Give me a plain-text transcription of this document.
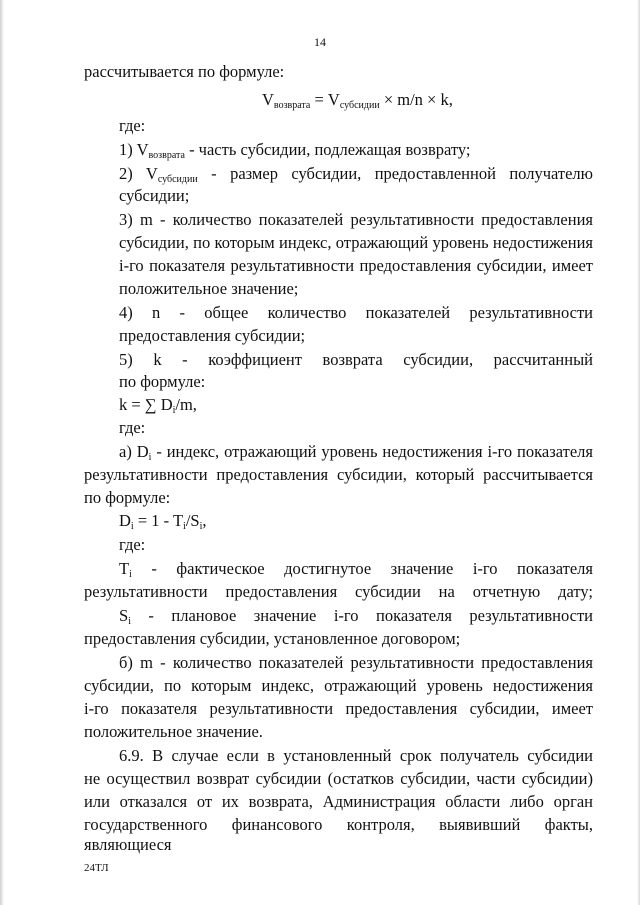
14
рассчитывается по формуле:
$V_{возврата} = V_{субсидии} \times m/n \times k$,
где:
1) $V_{возврата}$ - часть субсидии, подлежащая возврату;
2) $V_{субсидии}$ - размер субсидии, предоставленной получателю
субсидии;
3) m - количество показателей результативности предоставления
субсидии, по которым индекс, отражающий уровень недостижения
i-го показателя результативности предоставления субсидии, имеет
положительное значение;
4) n - общее количество показателей результативности
предоставления субсидии;
5) k - коэффициент возврата субсидии, рассчитанный
по формуле:
k = ∑ $D_i/m$,
где:
а) $D_i$ - индекс, отражающий уровень недостижения i-го показателя
результативности предоставления субсидии, который рассчитывается
по формуле:
$D_i = 1 - T_i/S_i$,
где:
$T_i$ - фактическое достигнутое значение i-го показателя
результативности предоставления субсидии на отчетную дату;
$S_i$ - плановое значение i-го показателя результативности
предоставления субсидии, установленное договором;
б) m - количество показателей результативности предоставления
субсидии, по которым индекс, отражающий уровень недостижения
i-го показателя результативности предоставления субсидии, имеет
положительное значение.
6.9. В случае если в установленный срок получатель субсидии
не осуществил возврат субсидии (остатков субсидии, части субсидии)
или отказался от их возврата, Администрация области либо орган
государственного финансового контроля, выявивший факты, являющиеся
24ТЛ
